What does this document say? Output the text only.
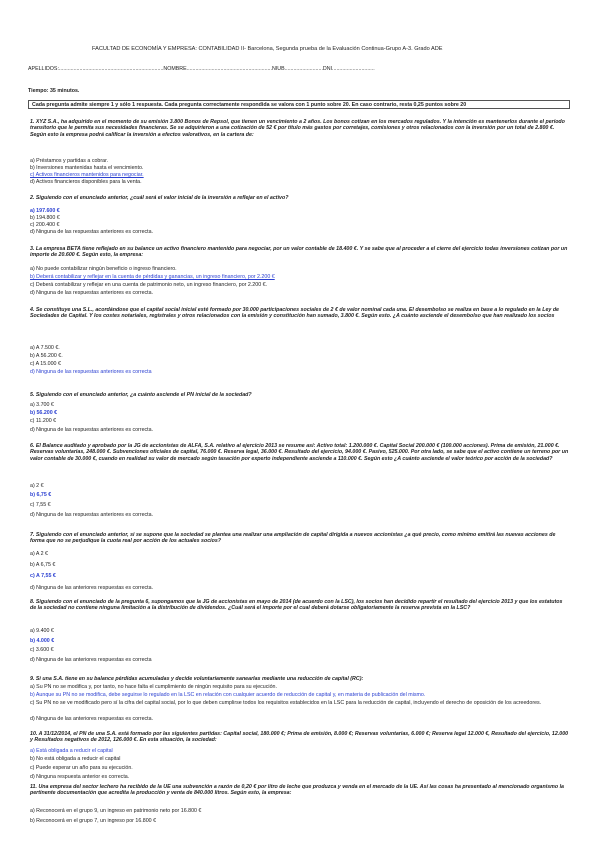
FACULTAD DE ECONOMÍA Y EMPRESA: CONTABILIDAD II- Barcelona, Segunda prueba de la Evaluación Continua-Grupo A-3. Grado ADE
APELLIDOS:.......................................................................NOMBRE..........................................................NIUB..........................DNI.............................
Tiempo: 35 minutos.
Cada pregunta admite siempre 1 y sólo 1 respuesta. Cada pregunta correctamente respondida se valora con 1 punto sobre 20. En caso contrario, resta 0,25 puntos sobre 20
1. XYZ S.A., ha adquirido en el momento de su emisión 3.800 Bonos de Repsol, que tienen un vencimiento a 2 años. Los bonos cotizan en los mercados regulados. Y la intención es mantenerlos durante el período transitorio que le permita sus necesidades financieras. Se se adquirieron a una cotización de 52 € por título más gastos por corretajes, comisiones y otros relacionados con la inversión por un total de 2.800 €. Según esto la empresa podrá calificar la inversión a efectos valorativos, en la cartera de:
a) Préstamos y partidas a cobrar.
b) Inversiones mantenidas hasta el vencimiento.
c) Activos financieros mantenidos para negociar.
d) Activos financieros disponibles para la venta.
2. Siguiendo con el enunciado anterior, ¿cuál será el valor inicial de la inversión a reflejar en el activo?
a) 197.600 €
b) 194.800 €
c) 200.400 €
d) Ninguna de las respuestas anteriores es correcta.
3. La empresa BETA tiene reflejado en su balance un activo financiero mantenido para negociar, por un valor contable de 18.400 €. Y se sabe que al proceder a el cierre del ejercicio todas inversiones cotizan por un importe de 20.600 €. Según esto, la empresa:
a) No puede contabilizar ningún beneficio o ingreso financiero.
b) Deberá contabilizar y reflejar en la cuenta de pérdidas y ganancias, un ingreso financiero, por 2.200 €
c) Deberá contabilizar y reflejar en una cuenta de patrimonio neto, un ingreso financiero, por 2.200 €.
d) Ninguna de las respuestas anteriores es correcta.
4. Se constituye una S.L., acordándose que el capital social inicial esté formado por 30.000 participaciones sociales de 2 € de valor nominal cada una. El desembolso se realiza en base a lo regulado en la Ley de Sociedades de Capital. Y los costes notariales, registrales y otros relacionados con la emisión y constitución han sumado, 3.800 €. Según esto. ¿A cuánto asciende el desembolso que han realizado los socios
a) A 7.500 €.
b) A 56.200 €.
c) A 15.000 €
d) Ninguna de las respuestas anteriores es correcta
5. Siguiendo con el enunciado anterior, ¿a cuánto asciende el PN inicial de la sociedad?
a) 3.700 €
b) 56.200 €
c) 11.200 €
d) Ninguna de las respuestas anteriores es correcta.
6. El Balance auditado y aprobado por la JG de accionistas de ALFA, S.A. relativo al ejercicio 2013 se resume así: Activo total: 1.200.000 €. Capital Social 200.000 € (100.000 acciones). Prima de emisión, 21.000 €. Reservas voluntarias, 248.000 €. Subvenciones oficiales de capital, 76.000 €. Reserva legal, 36.000 €. Resultado del ejercicio, 94.000 €. Pasivo, 525.000. Por otra lado, se sabe que el activo contiene un terreno por un valor contable de 30.000 €, cuando en realidad su valor de mercado según tasación por experto independiente asciende a 110.000 €. Según esto ¿A cuánto asciende el valor teórico por acción de la sociedad?
a) 2 €
b) 6,75 €
c) 7,55 €
d) Ninguna de las respuestas anteriores es correcta.
7. Siguiendo con el enunciado anterior, si se supone que la sociedad se plantea una realizar una ampliación de capital dirigida a nuevos accionistas ¿a qué precio, como mínimo emitirá las nuevas acciones de forma que no se perjudique la cuota real por acción de los actuales socios?
a) A 2 €
b) A 6,75 €
c) A 7,55 €
d) Ninguna de las anteriores respuestas es correcta.
8. Siguiendo con el enunciado de la pregunta 6, supongamos que la JG de accionistas en mayo de 2014 (de acuerdo con la LSC), los socios han decidido repartir el resultado del ejercicio 2013 y que los estatutos de la sociedad no contiene ninguna limitación a la distribución de dividendos. ¿Cuál será el importe por el cual deberá dotarse obligatoriamente la reserva prevista en la LSC?
a) 9.400 €
b) 4.000 €
c) 3.600 €
d) Ninguna de las anteriores respuestas es correcta
9. Si una S.A. tiene en su balance pérdidas acumuladas y decide voluntariamente sanearlas mediante una reducción de capital (RC):
a) Su PN no se modifica y, por tanto, no hace falta el cumplimiento de ningún requisito para su ejecución.
b) Aunque su PN no se modifica, debe seguirse lo regulado en la LSC en relación con cualquier acuerdo de reducción de capital y, en materia de publicación del mismo.
c) Su PN no se ve modificado pero sí la cifra del capital social, por lo que deben cumplirse todos los requisitos establecidos en la LSC para la reducción de capital, incluyendo el derecho de oposición de los acreedores.
d) Ninguna de las anteriores respuestas es correcta.
10. A 31/12/2014, el PN de una S.A. está formado por las siguientes partidas: Capital social, 180.000 €; Prima de emisión, 8.000 €; Reservas voluntarias, 6.000 €; Reserva legal 12.000 €, Resultado del ejercicio, 12.000 y Resultados negativos de 2012, 126.000 €. En esta situación, la sociedad:
a) Está obligada a reducir el capital
b) No está obligada a reducir el capital
c) Puede esperar un año para su ejecución.
d) Ninguna respuesta anterior es correcta.
11. Una empresa del sector lechero ha recibido de la UE una subvención a razón de 0,20 € por litro de leche que produzca y venda en el mercado de la UE. Así las cosas ha presentado al mencionado organismo la pertinente documentación que acredita la producción y venta de 840.000 litros. Según esto, la empresa:
a) Reconocerá en el grupo 9, un ingreso en patrimonio neto por 16.800 €
b) Reconocerá en el grupo 7, un ingreso por 16.800 €
